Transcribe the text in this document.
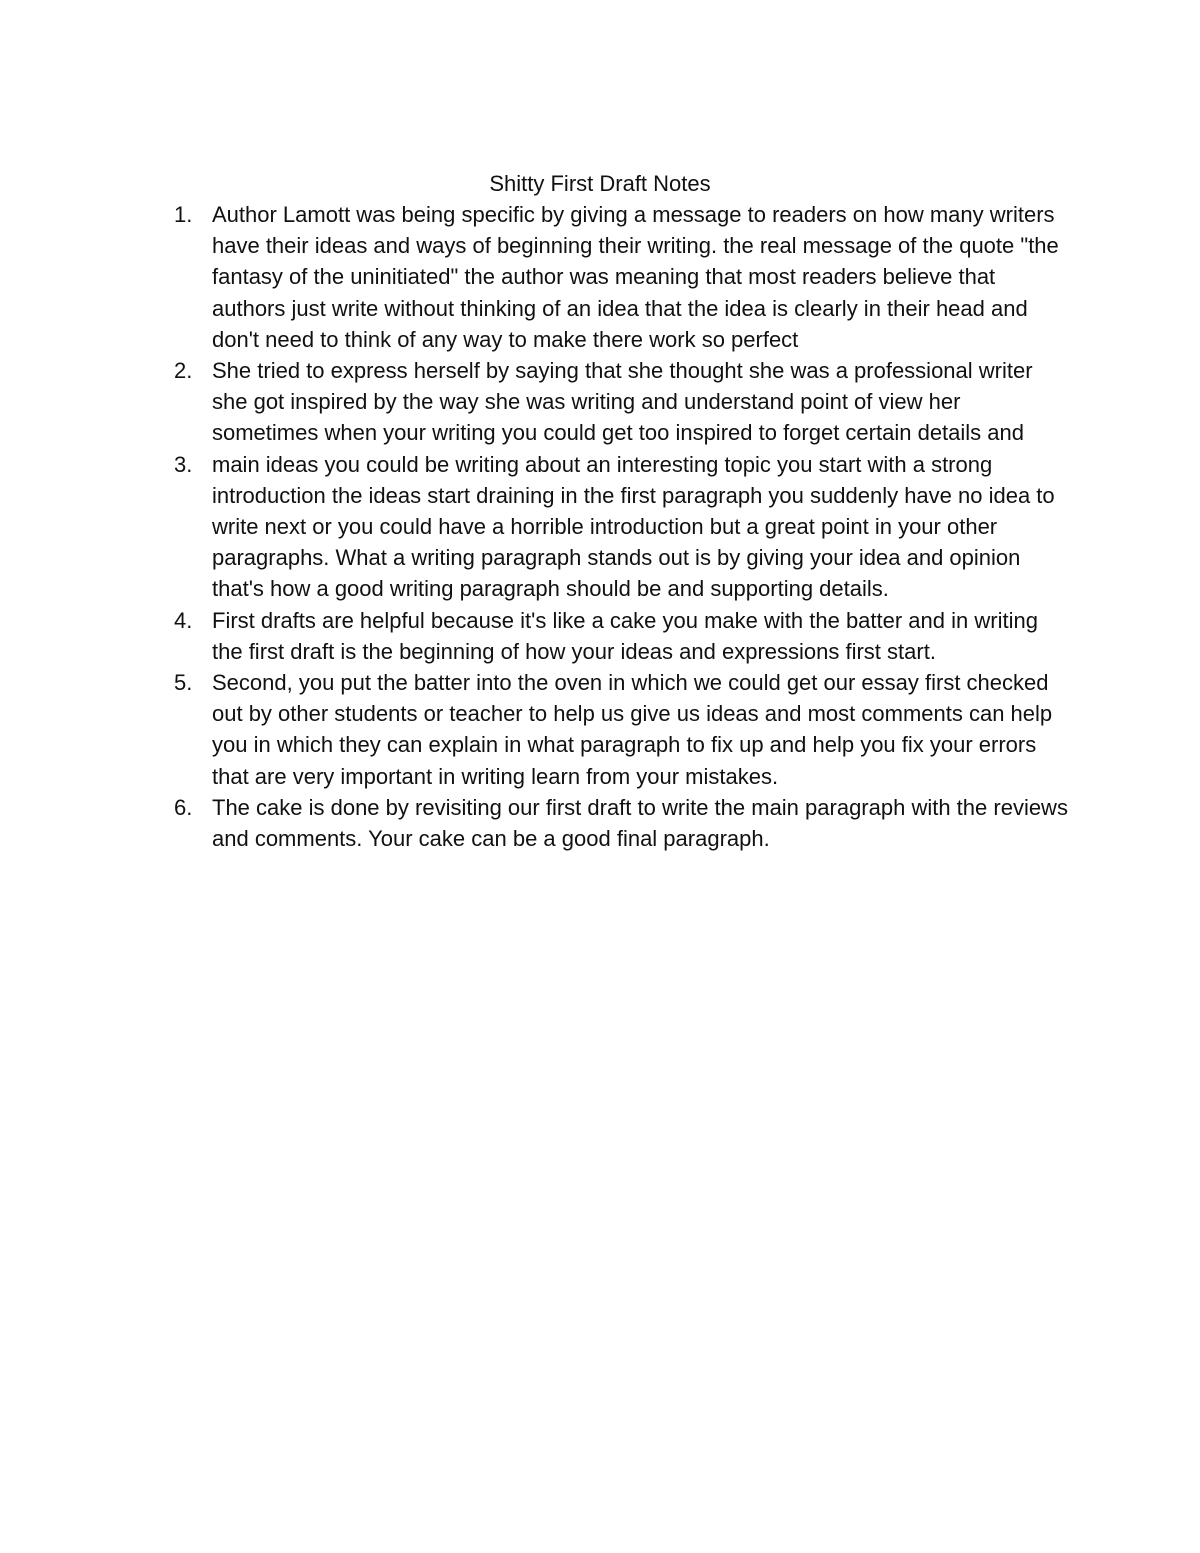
Shitty First Draft Notes
1. Author Lamott was being specific by giving a message to readers on how many writers have their ideas and ways of beginning their writing. the real message of the quote "the fantasy of the uninitiated" the author was meaning that most readers believe that authors just write without thinking of an idea that the idea is clearly in their head and don't need to think of any way to make there work so perfect
2. She tried to express herself by saying that she thought she was a professional writer she got inspired by the way she was writing and understand point of view her sometimes when your writing you could get too inspired to forget certain details and
3. main ideas you could be writing about an interesting topic you start with a strong introduction the ideas start draining in the first paragraph you suddenly have no idea to write next or you could have a horrible introduction but a great point in your other paragraphs. What a writing paragraph stands out is by giving your idea and opinion that's how a good writing paragraph should be and supporting details.
4. First drafts are helpful because it's like a cake you make with the batter and in writing the first draft is the beginning of how your ideas and expressions first start.
5. Second, you put the batter into the oven in which we could get our essay first checked out by other students or teacher to help us give us ideas and most comments can help you in which they can explain in what paragraph to fix up and help you fix your errors that are very important in writing learn from your mistakes.
6. The cake is done by revisiting our first draft to write the main paragraph with the reviews and comments. Your cake can be a good final paragraph.
